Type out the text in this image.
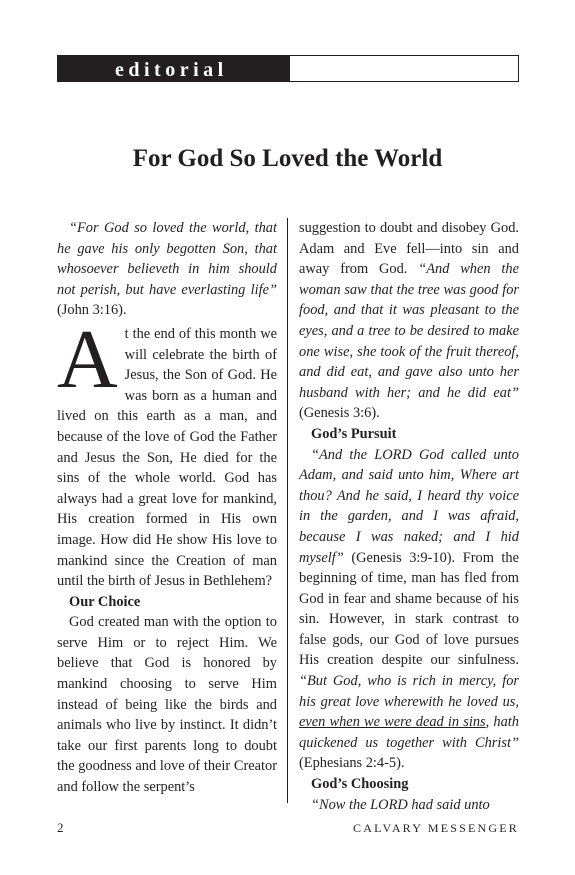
editorial
For God So Loved the World

“For God so loved the world, that he gave his only begotten Son, that whosoever believeth in him should not perish, but have everlasting life” (John 3:16).

At the end of this month we will celebrate the birth of Jesus, the Son of God. He was born as a human and lived on this earth as a man, and because of the love of God the Father and Jesus the Son, He died for the sins of the whole world. God has always had a great love for mankind, His creation formed in His own image. How did He show His love to mankind since the Creation of man until the birth of Jesus in Bethlehem?

Our Choice

God created man with the option to serve Him or to reject Him. We believe that God is honored by mankind choosing to serve Him instead of being like the birds and animals who live by instinct. It didn’t take our first parents long to doubt the goodness and love of their Creator and follow the serpent’s

suggestion to doubt and disobey God. Adam and Eve fell—into sin and away from God. “And when the woman saw that the tree was good for food, and that it was pleasant to the eyes, and a tree to be desired to make one wise, she took of the fruit thereof, and did eat, and gave also unto her husband with her; and he did eat” (Genesis 3:6).

God’s Pursuit

“And the LORD God called unto Adam, and said unto him, Where art thou? And he said, I heard thy voice in the garden, and I was afraid, because I was naked; and I hid myself” (Genesis 3:9-10). From the beginning of time, man has fled from God in fear and shame because of his sin. However, in stark contrast to false gods, our God of love pursues His creation despite our sinfulness. “But God, who is rich in mercy, for his great love wherewith he loved us, even when we were dead in sins, hath quickened us together with Christ” (Ephesians 2:4-5).

God’s Choosing

“Now the LORD had said unto

2	CALVARY MESSENGER
